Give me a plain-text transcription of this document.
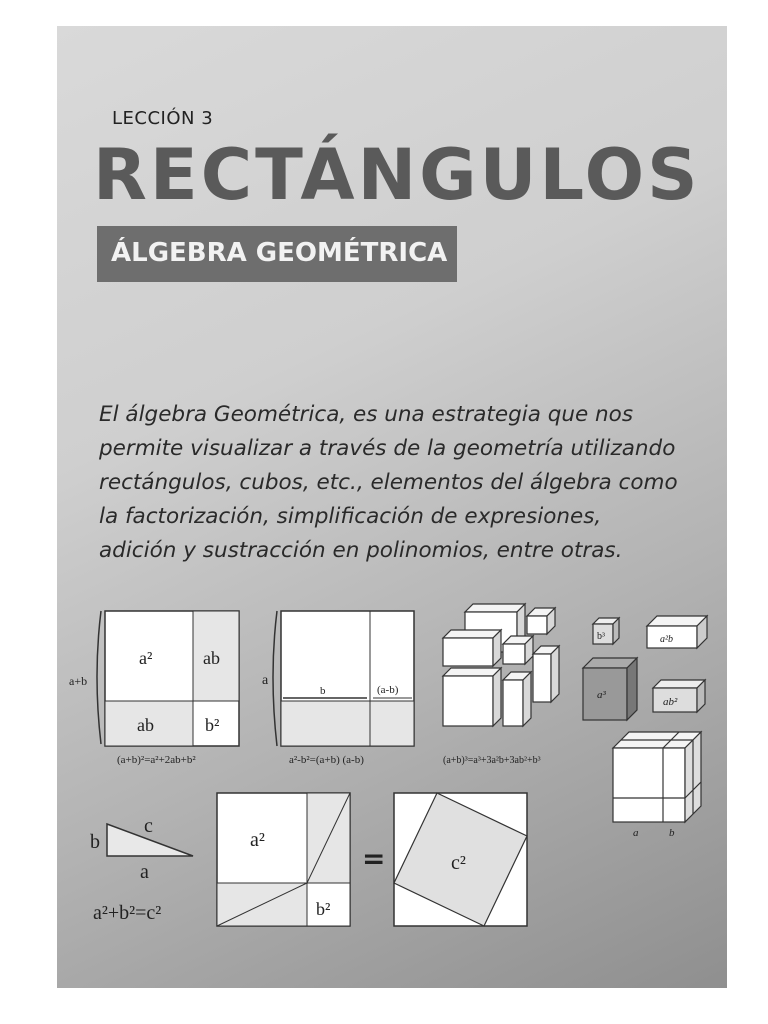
LECCIÓN 3
RECTÁNGULOS
ÁLGEBRA GEOMÉTRICA
El álgebra Geométrica, es una estrategia que nos permite visualizar a través de la geometría utilizando rectángulos, cubos, etc., elementos del álgebra como la factorización, simplificación de expresiones, adición y sustracción en polinomios, entre otras.
a+b
a²	ab
ab	b²
(a+b)²=a²+2ab+b²
a
b	(a-b)
a²-b²=(a+b) (a-b)	(a+b)³=a³+3a²b+3ab²+b³
b³	a²b
a³
ab²
a	b
b
c
a
a²+b²=c²
a²
b²
=	c²
